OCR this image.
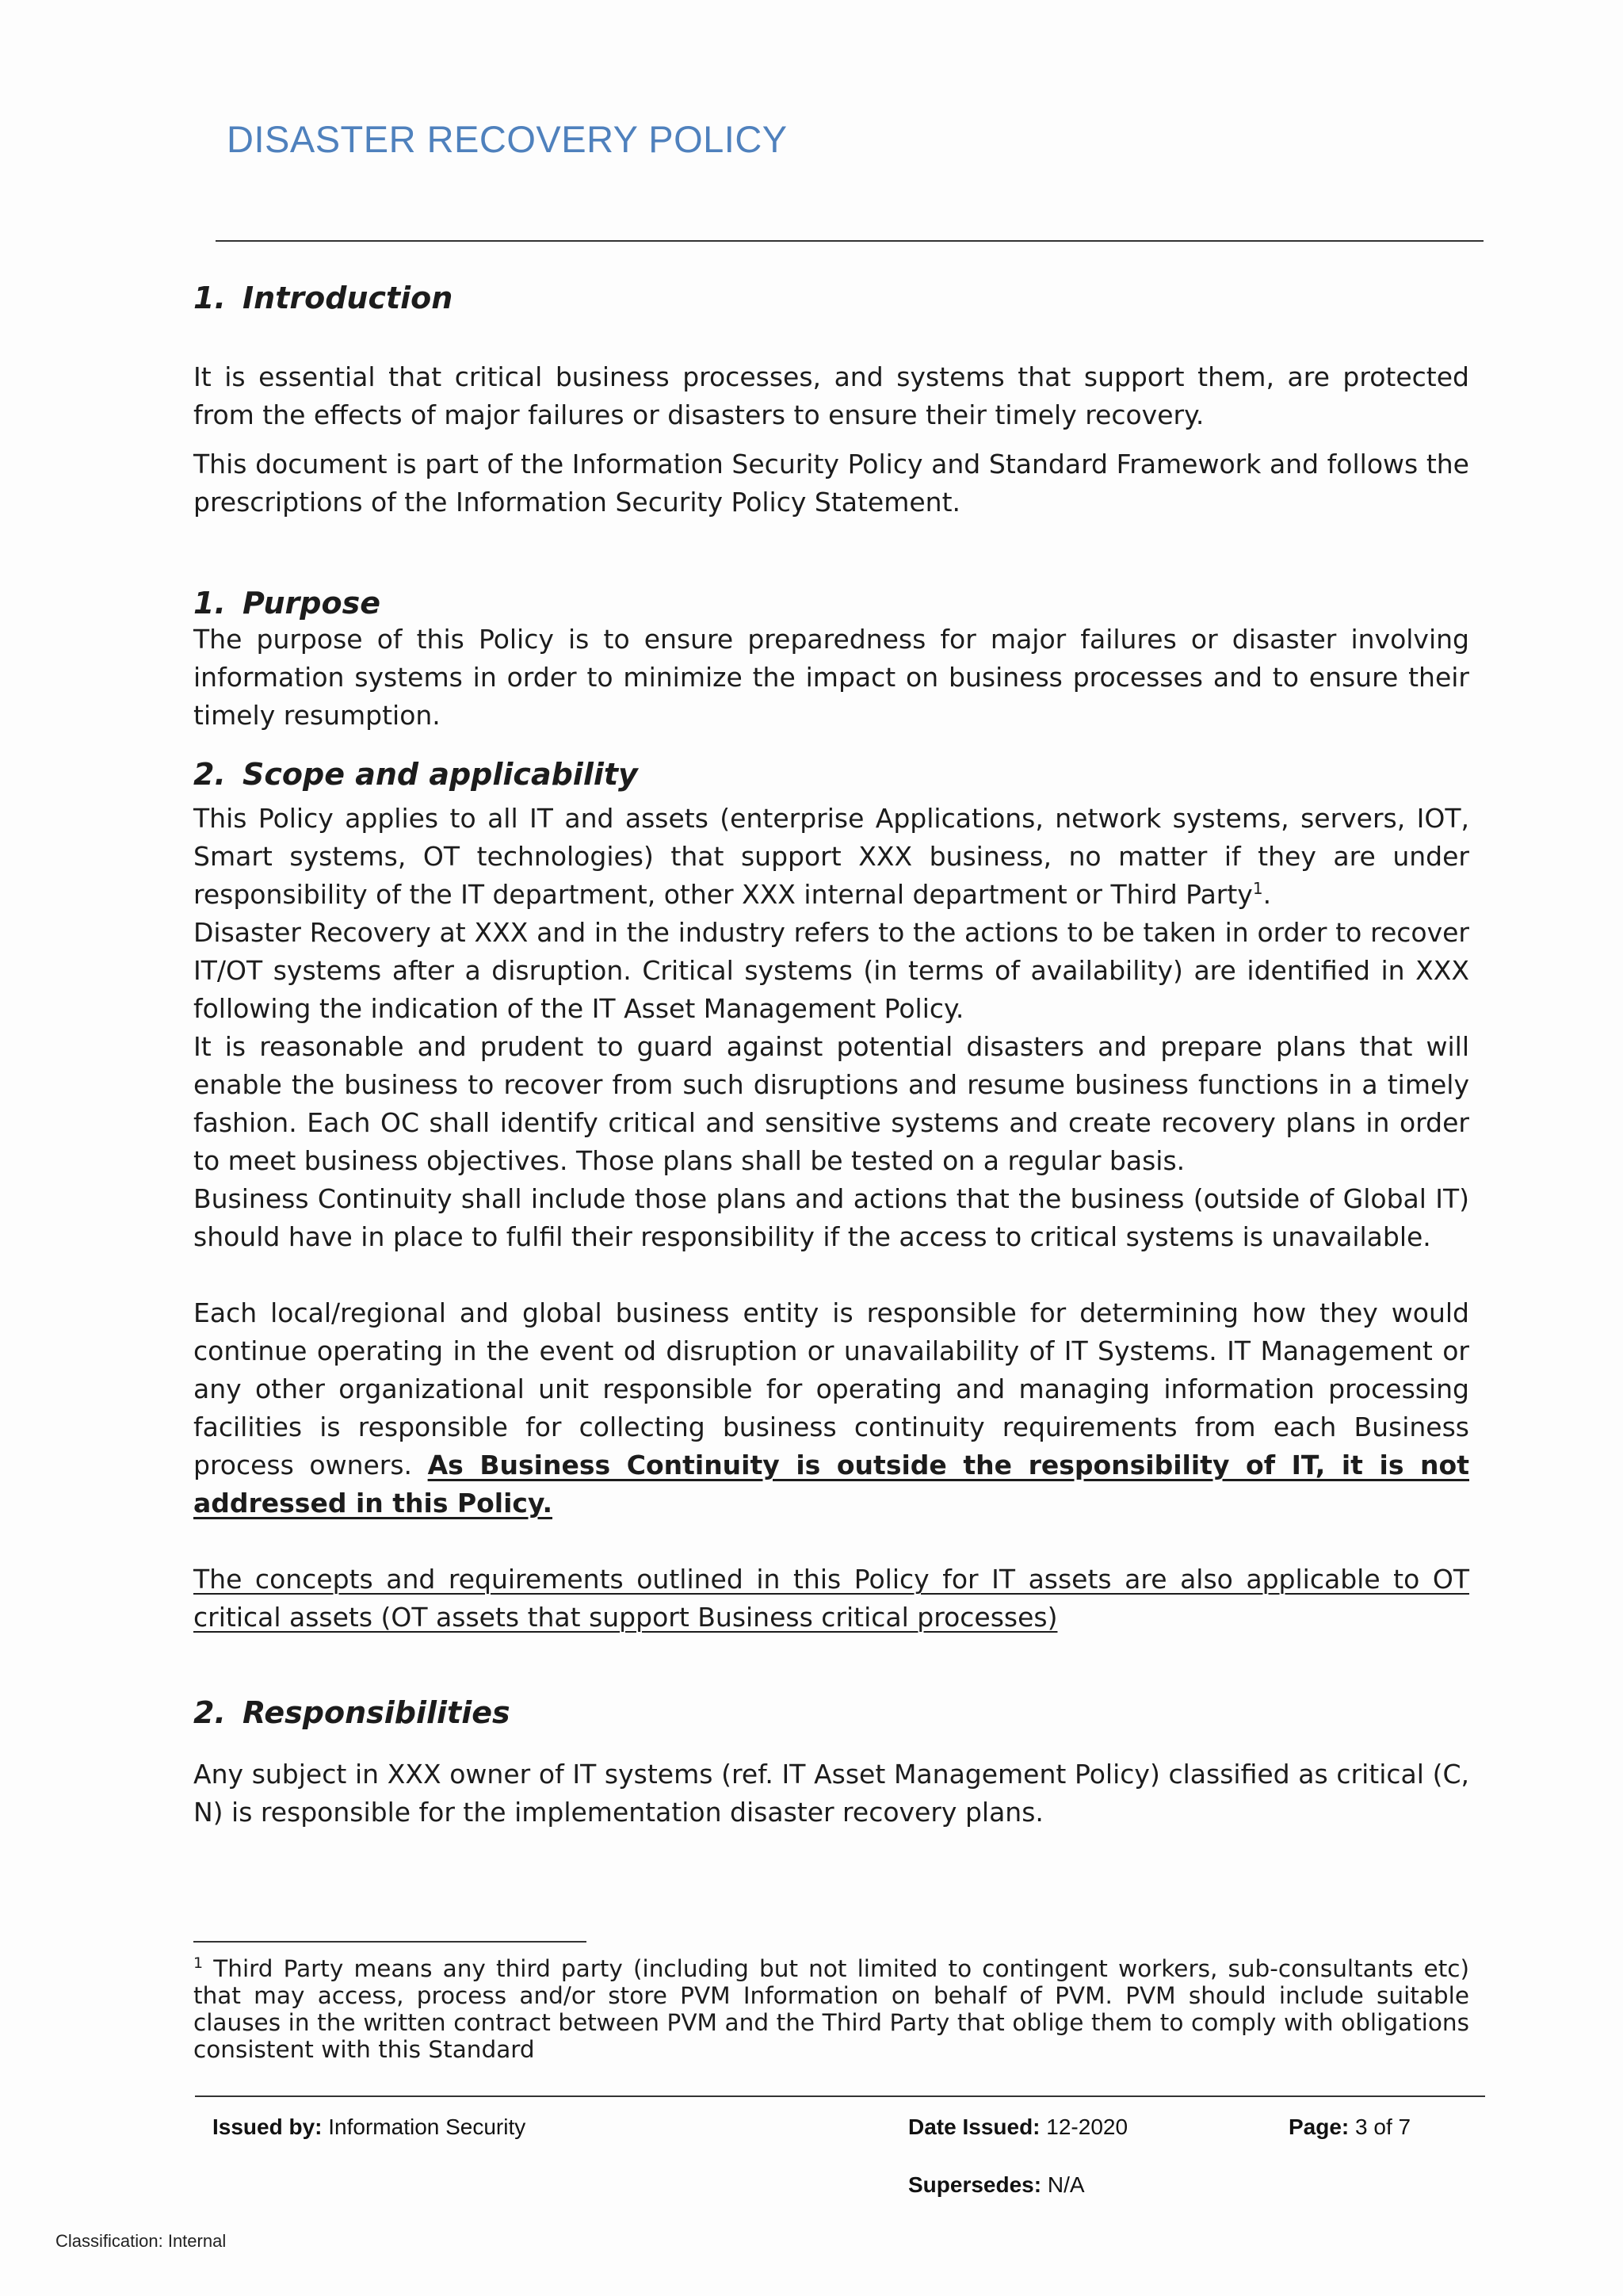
DISASTER RECOVERY POLICY
1. Introduction

It is essential that critical business processes, and systems that support them, are protected from the effects of major failures or disasters to ensure their timely recovery.

This document is part of the Information Security Policy and Standard Framework and follows the prescriptions of the Information Security Policy Statement.

1. Purpose

The purpose of this Policy is to ensure preparedness for major failures or disaster involving information systems in order to minimize the impact on business processes and to ensure their timely resumption.

2. Scope and applicability

This Policy applies to all IT and assets (enterprise Applications, network systems, servers, IOT, Smart systems, OT technologies) that support XXX business, no matter if they are under responsibility of the IT department, other XXX internal department or Third Party$^1$.

Disaster Recovery at XXX and in the industry refers to the actions to be taken in order to recover IT/OT systems after a disruption. Critical systems (in terms of availability) are identified in XXX following the indication of the IT Asset Management Policy.

It is reasonable and prudent to guard against potential disasters and prepare plans that will enable the business to recover from such disruptions and resume business functions in a timely fashion. Each OC shall identify critical and sensitive systems and create recovery plans in order to meet business objectives. Those plans shall be tested on a regular basis.

Business Continuity shall include those plans and actions that the business (outside of Global IT) should have in place to fulfil their responsibility if the access to critical systems is unavailable.

Each local/regional and global business entity is responsible for determining how they would continue operating in the event od disruption or unavailability of IT Systems. IT Management or any other organizational unit responsible for operating and managing information processing facilities is responsible for collecting business continuity requirements from each Business process owners. As Business Continuity is outside the responsibility of IT, it is not addressed in this Policy.

The concepts and requirements outlined in this Policy for IT assets are also applicable to OT critical assets (OT assets that support Business critical processes)

2. Responsibilities

Any subject in XXX owner of IT systems (ref. IT Asset Management Policy) classified as critical (C, N) is responsible for the implementation disaster recovery plans.

$^1$ Third Party means any third party (including but not limited to contingent workers, sub-consultants etc) that may access, process and/or store PVM Information on behalf of PVM. PVM should include suitable clauses in the written contract between PVM and the Third Party that oblige them to comply with obligations consistent with this Standard
Issued by: Information Security	Date Issued: 12-2020	Page: 3 of 7
Supersedes: N/A
Classification: Internal
